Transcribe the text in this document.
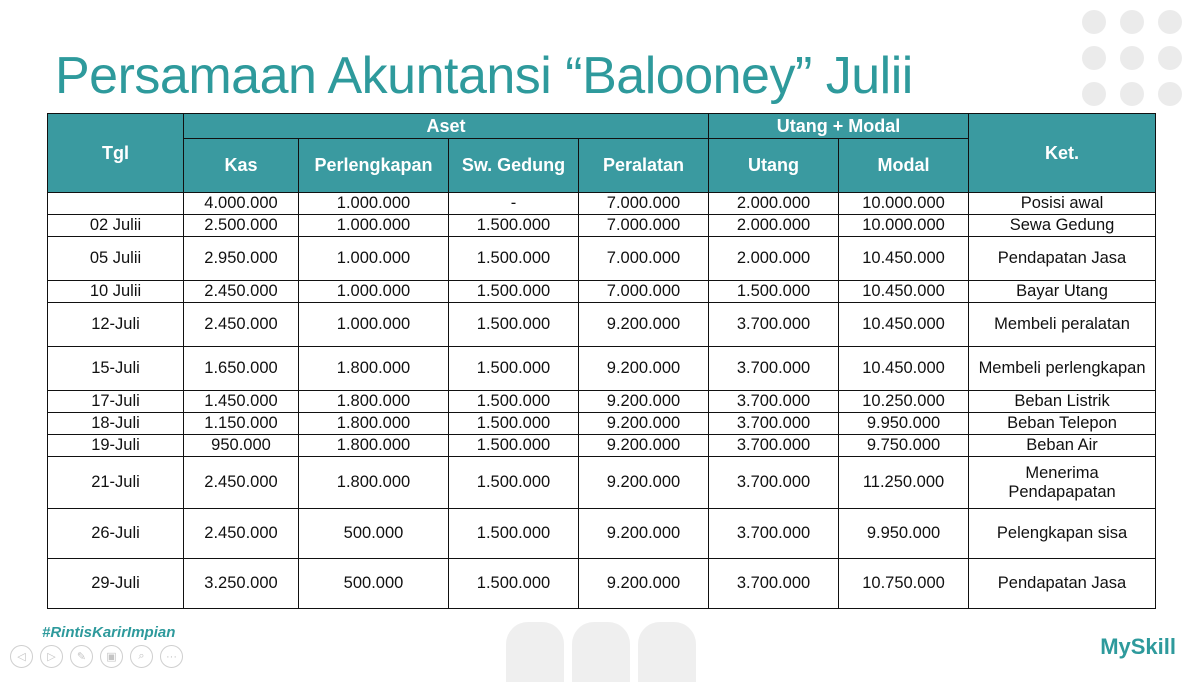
Persamaan Akuntansi “Balooney” Julii
Tgl	Aset				Utang + Modal		Ket.
	Kas	Perlengkapan	Sw. Gedung	Peralatan	Utang	Modal	
	4.000.000	1.000.000	-	7.000.000	2.000.000	10.000.000	Posisi awal
02 Julii	2.500.000	1.000.000	1.500.000	7.000.000	2.000.000	10.000.000	Sewa Gedung
05 Julii	2.950.000	1.000.000	1.500.000	7.000.000	2.000.000	10.450.000	Pendapatan Jasa
10 Julii	2.450.000	1.000.000	1.500.000	7.000.000	1.500.000	10.450.000	Bayar Utang
12-Juli	2.450.000	1.000.000	1.500.000	9.200.000	3.700.000	10.450.000	Membeli peralatan
15-Juli	1.650.000	1.800.000	1.500.000	9.200.000	3.700.000	10.450.000	Membeli perlengkapan
17-Juli	1.450.000	1.800.000	1.500.000	9.200.000	3.700.000	10.250.000	Beban Listrik
18-Juli	1.150.000	1.800.000	1.500.000	9.200.000	3.700.000	9.950.000	Beban Telepon
19-Juli	950.000	1.800.000	1.500.000	9.200.000	3.700.000	9.750.000	Beban Air
21-Juli	2.450.000	1.800.000	1.500.000	9.200.000	3.700.000	11.250.000	Menerima Pendapapatan
26-Juli	2.450.000	500.000	1.500.000	9.200.000	3.700.000	9.950.000	Pelengkapan sisa
29-Juli	3.250.000	500.000	1.500.000	9.200.000	3.700.000	10.750.000	Pendapatan Jasa
#RintisKarirImpian
◁	▷	✎	▣	⌕	···	MySkill
